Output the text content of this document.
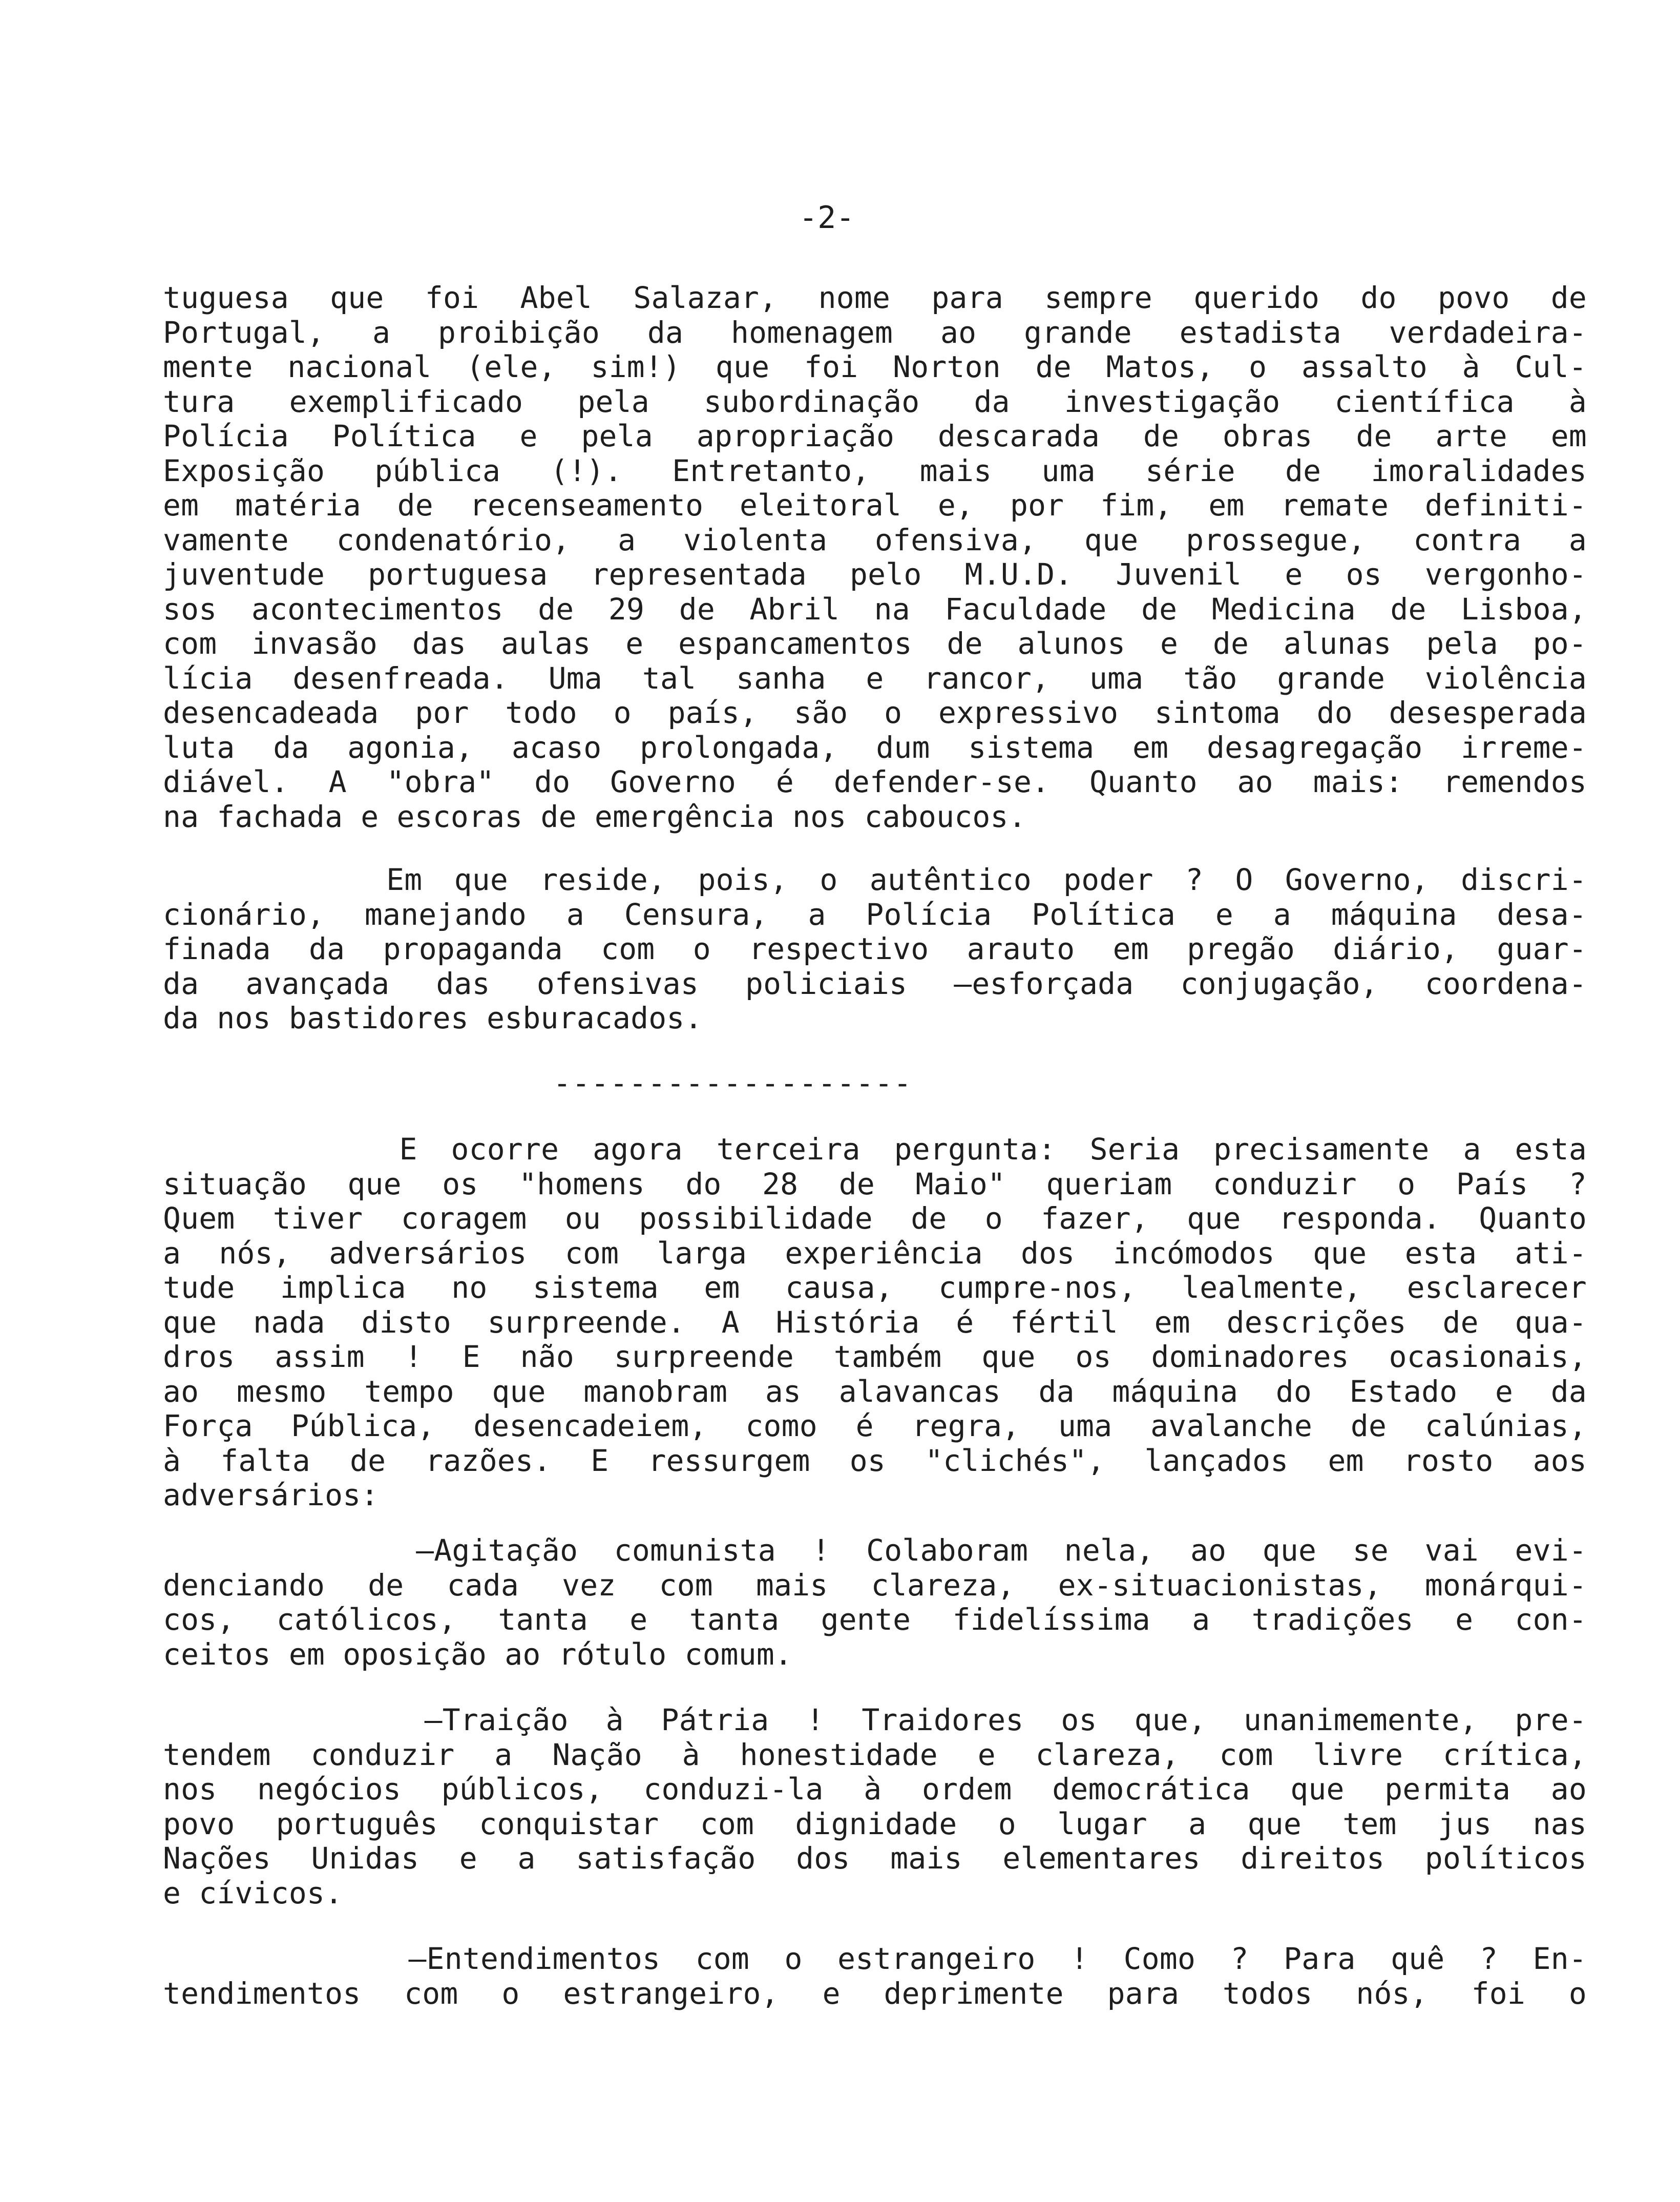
-2-
tuguesa que foi Abel Salazar, nome para sempre querido do povo de
Portugal, a proibição da homenagem ao grande estadista verdadeira-
mente nacional (ele, sim!) que foi Norton de Matos, o assalto à Cul-
tura exemplificado pela subordinação da investigação científica à
Polícia Política e pela apropriação descarada de obras de arte em
Exposição pública (!). Entretanto, mais uma série de imoralidades
em matéria de recenseamento eleitoral e, por fim, em remate definiti-
vamente condenatório, a violenta ofensiva, que prossegue, contra a
juventude portuguesa representada pelo M.U.D. Juvenil e os vergonho-
sos acontecimentos de 29 de Abril na Faculdade de Medicina de Lisboa,
com invasão das aulas e espancamentos de alunos e de alunas pela po-
lícia desenfreada. Uma tal sanha e rancor, uma tão grande violência
desencadeada por todo o país, são o expressivo sintoma do desesperada
luta da agonia, acaso prolongada, dum sistema em desagregação irreme-
diável. A "obra" do Governo é defender-se. Quanto ao mais: remendos
na fachada e escoras de emergência nos caboucos.
Em que reside, pois, o autêntico poder ? O Governo, discri-
cionário, manejando a Censura, a Polícia Política e a máquina desa-
finada da propaganda com o respectivo arauto em pregão diário, guar-
da avançada das ofensivas policiais —esforçada conjugação, coordena-
da nos bastidores esburacados.
-------------------
E ocorre agora terceira pergunta: Seria precisamente a esta
situação que os "homens do 28 de Maio" queriam conduzir o País ?
Quem tiver coragem ou possibilidade de o fazer, que responda. Quanto
a nós, adversários com larga experiência dos incómodos que esta ati-
tude implica no sistema em causa, cumpre-nos, lealmente, esclarecer
que nada disto surpreende. A História é fértil em descrições de qua-
dros assim ! E não surpreende também que os dominadores ocasionais,
ao mesmo tempo que manobram as alavancas da máquina do Estado e da
Força Pública, desencadeiem, como é regra, uma avalanche de calúnias,
à falta de razões. E ressurgem os "clichés", lançados em rosto aos
adversários:
—Agitação comunista ! Colaboram nela, ao que se vai evi-
denciando de cada vez com mais clareza, ex-situacionistas, monárqui-
cos, católicos, tanta e tanta gente fidelíssima a tradições e con-
ceitos em oposição ao rótulo comum.
—Traição à Pátria ! Traidores os que, unanimemente, pre-
tendem conduzir a Nação à honestidade e clareza, com livre crítica,
nos negócios públicos, conduzi-la à ordem democrática que permita ao
povo português conquistar com dignidade o lugar a que tem jus nas
Nações Unidas e a satisfação dos mais elementares direitos políticos
e cívicos.
—Entendimentos com o estrangeiro ! Como ? Para quê ? En-
tendimentos com o estrangeiro, e deprimente para todos nós, foi o
